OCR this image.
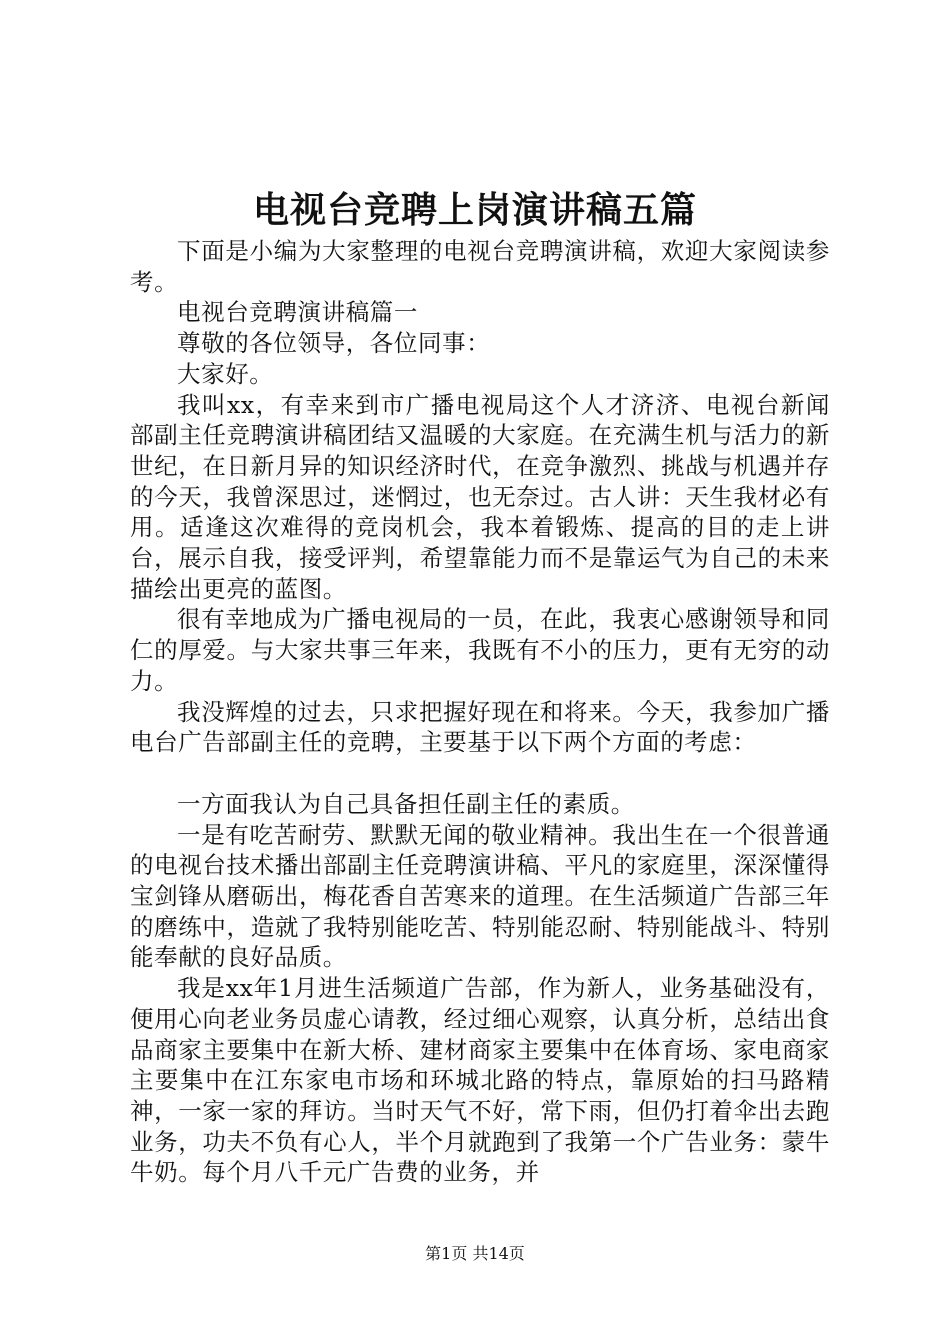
电视台竞聘上岗演讲稿五篇

下面是小编为大家整理的电视台竞聘演讲稿，欢迎大家阅读参考。

电视台竞聘演讲稿篇一

尊敬的各位领导，各位同事：

大家好。

我叫xx，有幸来到市广播电视局这个人才济济、电视台新闻部副主任竞聘演讲稿团结又温暖的大家庭。在充满生机与活力的新世纪，在日新月异的知识经济时代，在竞争激烈、挑战与机遇并存的今天，我曾深思过，迷惘过，也无奈过。古人讲：天生我材必有用。适逢这次难得的竞岗机会，我本着锻炼、提高的目的走上讲台，展示自我，接受评判，希望靠能力而不是靠运气为自己的未来描绘出更亮的蓝图。

很有幸地成为广播电视局的一员，在此，我衷心感谢领导和同仁的厚爱。与大家共事三年来，我既有不小的压力，更有无穷的动力。

我没辉煌的过去，只求把握好现在和将来。今天，我参加广播电台广告部副主任的竞聘，主要基于以下两个方面的考虑：

一方面我认为自己具备担任副主任的素质。

一是有吃苦耐劳、默默无闻的敬业精神。我出生在一个很普通的电视台技术播出部副主任竞聘演讲稿、平凡的家庭里，深深懂得宝剑锋从磨砺出，梅花香自苦寒来的道理。在生活频道广告部三年的磨练中，造就了我特别能吃苦、特别能忍耐、特别能战斗、特别能奉献的良好品质。

我是xx年1月进生活频道广告部，作为新人，业务基础没有，便用心向老业务员虚心请教，经过细心观察，认真分析，总结出食品商家主要集中在新大桥、建材商家主要集中在体育场、家电商家主要集中在江东家电市场和环城北路的特点，靠原始的扫马路精神，一家一家的拜访。当时天气不好，常下雨，但仍打着伞出去跑业务，功夫不负有心人，半个月就跑到了我第一个广告业务：蒙牛牛奶。每个月八千元广告费的业务，并

第1页 共14页
